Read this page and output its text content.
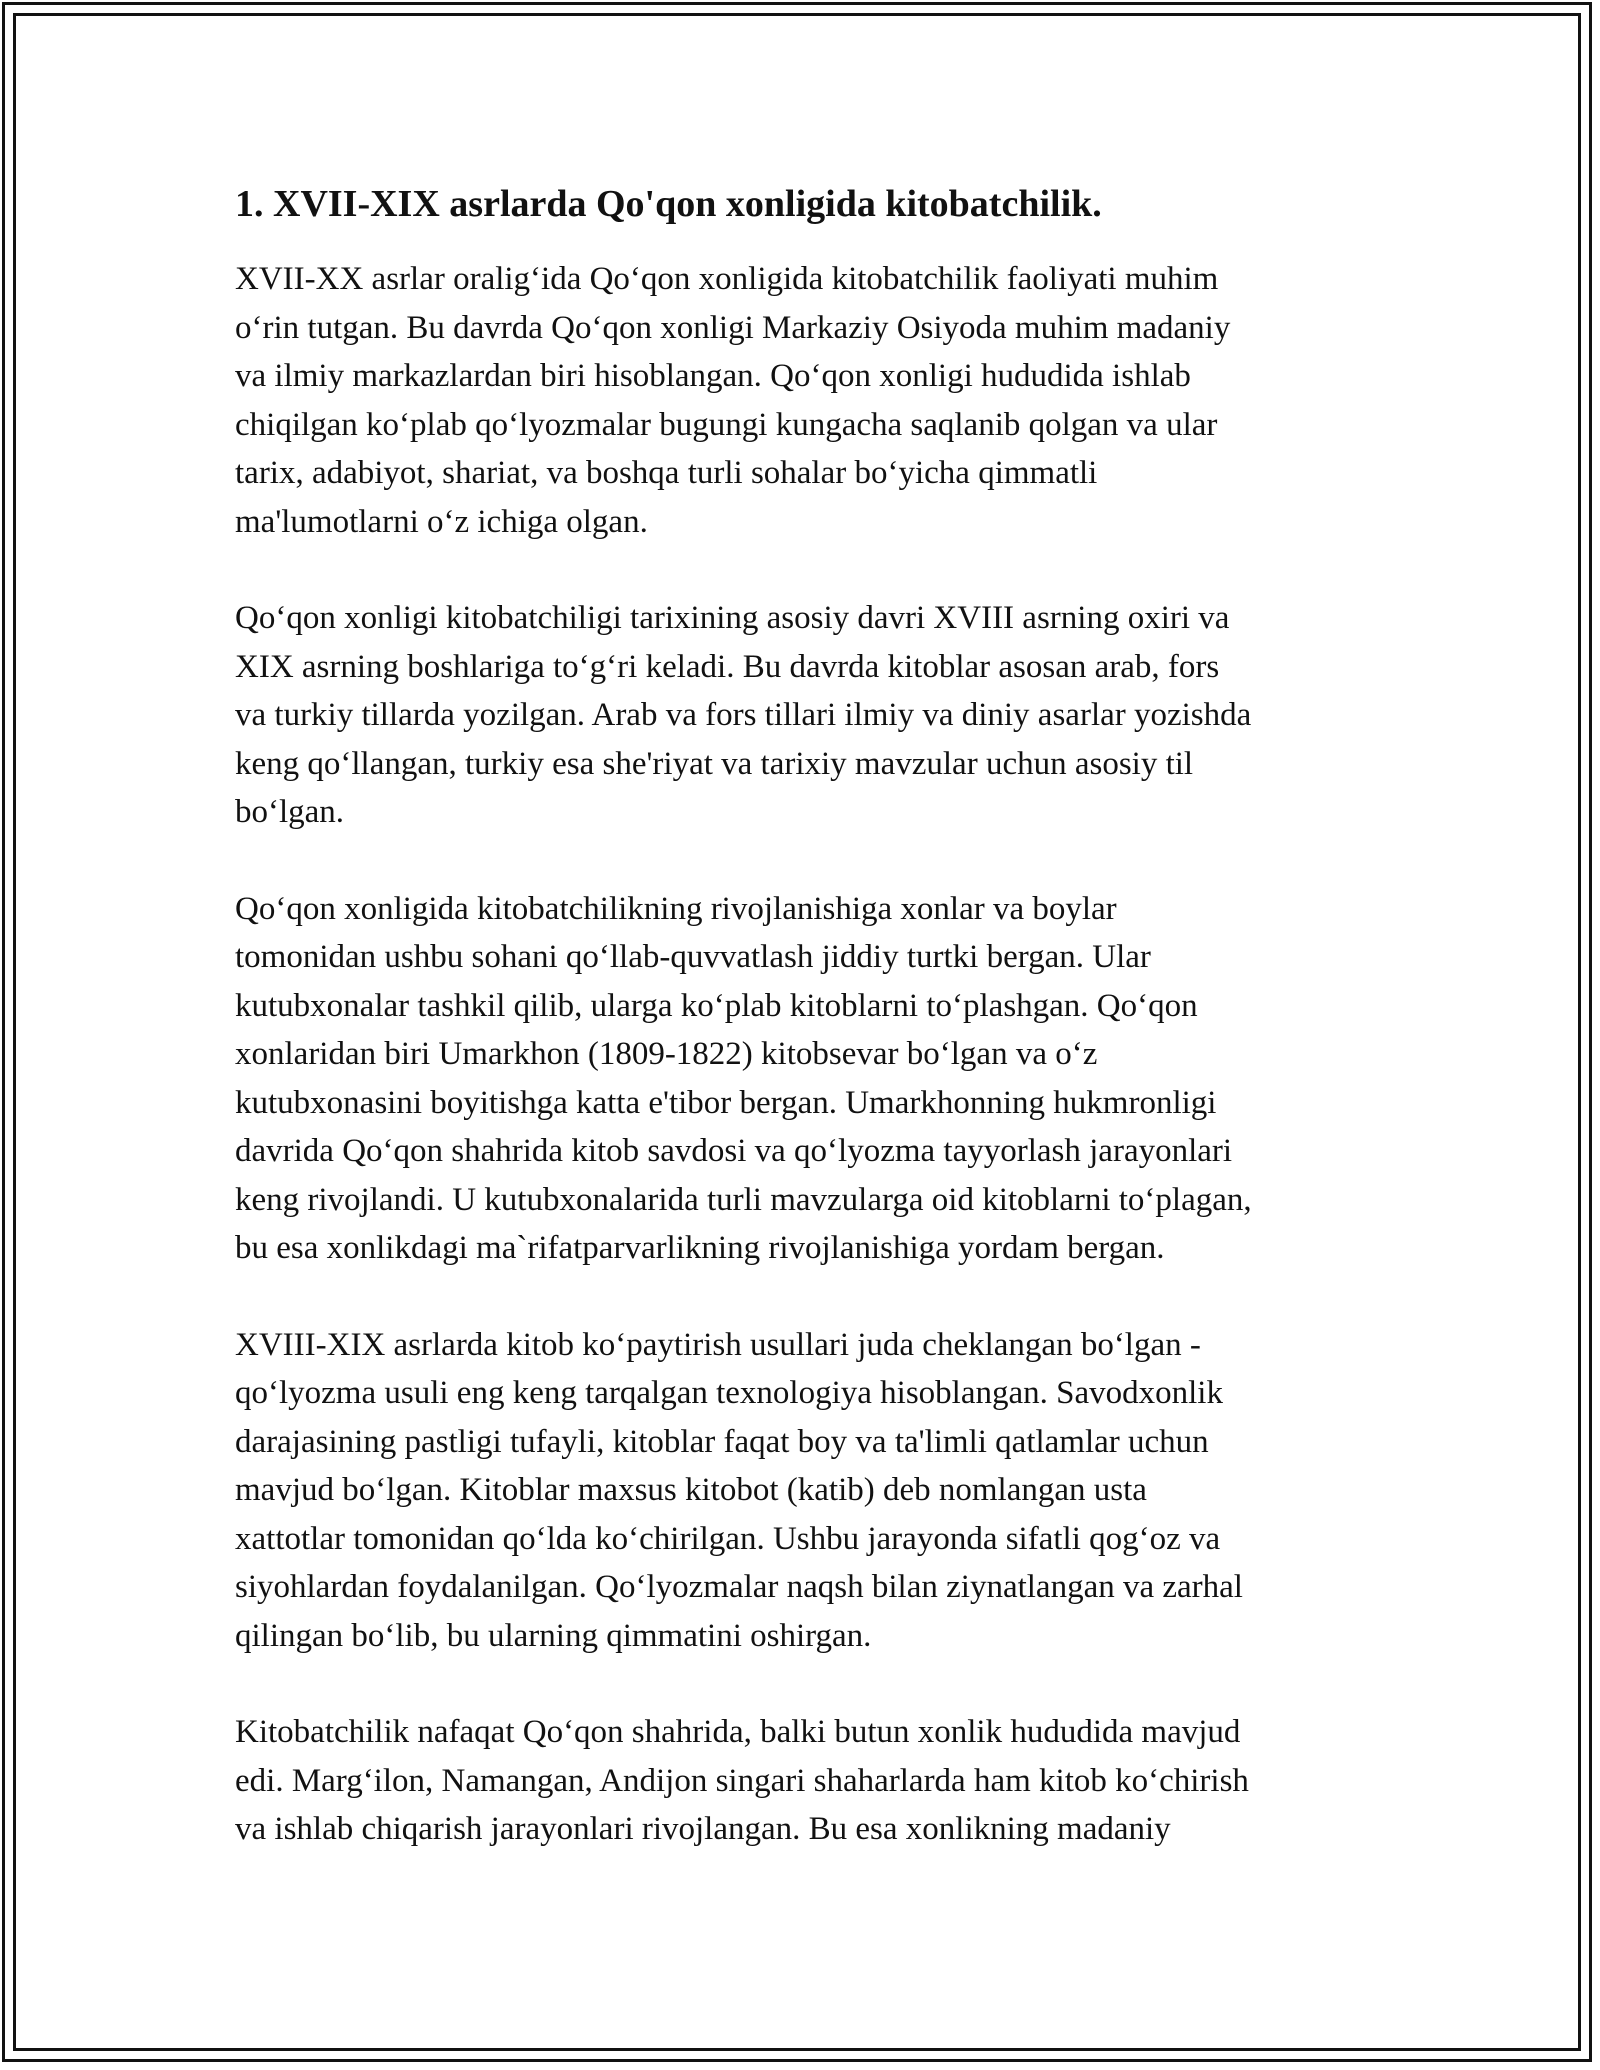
1. XVII-XIX asrlarda Qo'qon xonligida kitobatchilik.

XVII-XX asrlar oralig‘ida Qo‘qon xonligida kitobatchilik faoliyati muhim
o‘rin tutgan. Bu davrda Qo‘qon xonligi Markaziy Osiyoda muhim madaniy
va ilmiy markazlardan biri hisoblangan. Qo‘qon xonligi hududida ishlab
chiqilgan ko‘plab qo‘lyozmalar bugungi kungacha saqlanib qolgan va ular
tarix, adabiyot, shariat, va boshqa turli sohalar bo‘yicha qimmatli
ma'lumotlarni o‘z ichiga olgan.

Qo‘qon xonligi kitobatchiligi tarixining asosiy davri XVIII asrning oxiri va
XIX asrning boshlariga to‘g‘ri keladi. Bu davrda kitoblar asosan arab, fors
va turkiy tillarda yozilgan. Arab va fors tillari ilmiy va diniy asarlar yozishda
keng qo‘llangan, turkiy esa she'riyat va tarixiy mavzular uchun asosiy til
bo‘lgan.

Qo‘qon xonligida kitobatchilikning rivojlanishiga xonlar va boylar
tomonidan ushbu sohani qo‘llab-quvvatlash jiddiy turtki bergan. Ular
kutubxonalar tashkil qilib, ularga ko‘plab kitoblarni to‘plashgan. Qo‘qon
xonlaridan biri Umarkhon (1809-1822) kitobsevar bo‘lgan va o‘z
kutubxonasini boyitishga katta e'tibor bergan. Umarkhonning hukmronligi
davrida Qo‘qon shahrida kitob savdosi va qo‘lyozma tayyorlash jarayonlari
keng rivojlandi. U kutubxonalarida turli mavzularga oid kitoblarni to‘plagan,
bu esa xonlikdagi ma`rifatparvarlikning rivojlanishiga yordam bergan.

XVIII-XIX asrlarda kitob ko‘paytirish usullari juda cheklangan bo‘lgan -
qo‘lyozma usuli eng keng tarqalgan texnologiya hisoblangan. Savodxonlik
darajasining pastligi tufayli, kitoblar faqat boy va ta'limli qatlamlar uchun
mavjud bo‘lgan. Kitoblar maxsus kitobot (katib) deb nomlangan usta
xattotlar tomonidan qo‘lda ko‘chirilgan. Ushbu jarayonda sifatli qog‘oz va
siyohlardan foydalanilgan. Qo‘lyozmalar naqsh bilan ziynatlangan va zarhal
qilingan bo‘lib, bu ularning qimmatini oshirgan.

Kitobatchilik nafaqat Qo‘qon shahrida, balki butun xonlik hududida mavjud
edi. Marg‘ilon, Namangan, Andijon singari shaharlarda ham kitob ko‘chirish
va ishlab chiqarish jarayonlari rivojlangan. Bu esa xonlikning madaniy
